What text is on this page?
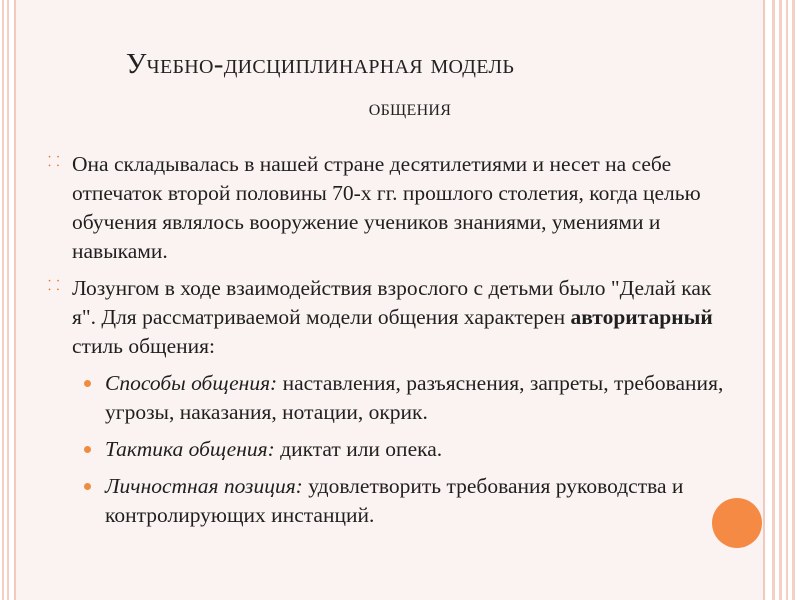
Учебно-дисциплинарная модель
общения
⸬ Она складывалась в нашей стране десятилетиями и несет на себе отпечаток второй половины 70-х гг. прошлого столетия, когда целью обучения являлось вооружение учеников знаниями, умениями и навыками.
⸬ Лозунгом в ходе взаимодействия взрослого с детьми было "Делай как я". Для рассматриваемой модели общения характерен авторитарный стиль общения:
Способы общения: наставления, разъяснения, запреты, требования, угрозы, наказания, нотации, окрик.
Тактика общения: диктат или опека.
Личностная позиция: удовлетворить требования руководства и контролирующих инстанций.
